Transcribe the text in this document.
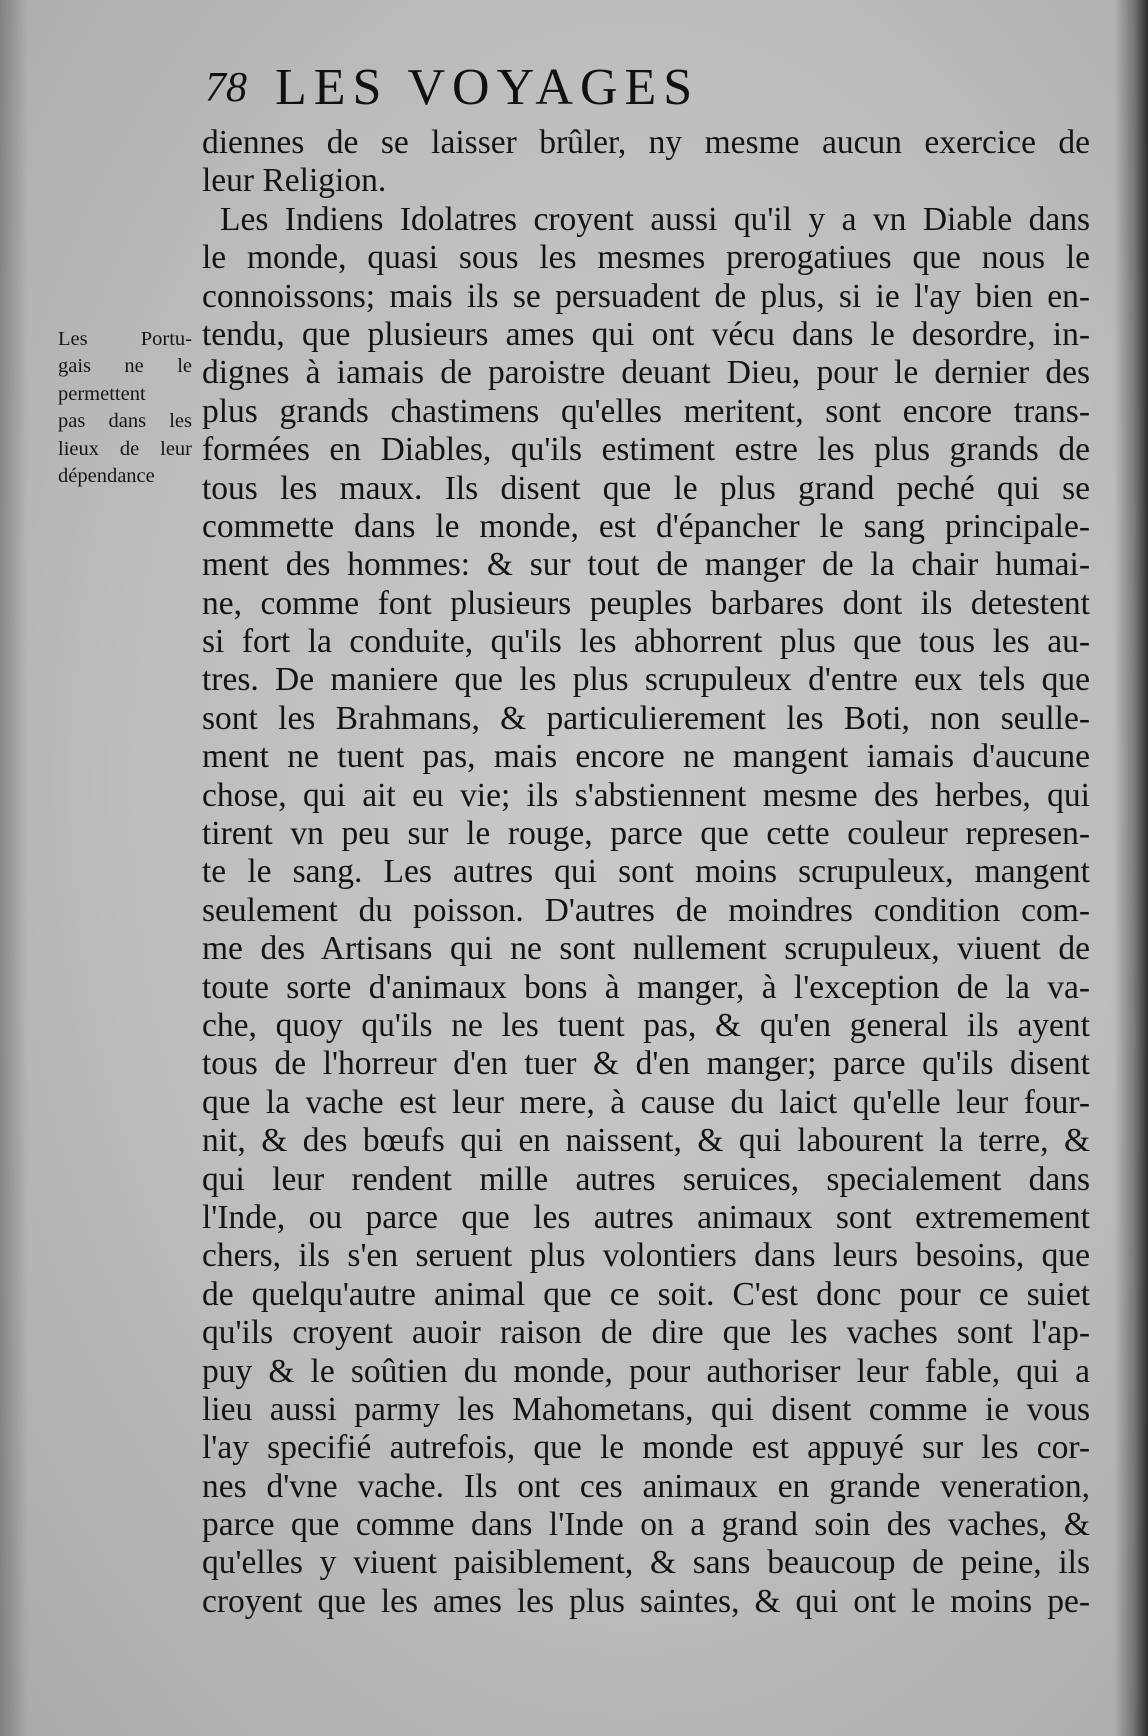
78 LES VOYAGES
Les Portu-
gais ne le
permettent
pas dans les
lieux de leur
dépendance
diennes de se laisser brûler, ny mesme aucun exercice de
leur Religion.
Les Indiens Idolatres croyent aussi qu'il y a vn Diable dans
le monde, quasi sous les mesmes prerogatiues que nous le
connoissons; mais ils se persuadent de plus, si ie l'ay bien en-
tendu, que plusieurs ames qui ont vécu dans le desordre, in-
dignes à iamais de paroistre deuant Dieu, pour le dernier des
plus grands chastimens qu'elles meritent, sont encore trans-
formées en Diables, qu'ils estiment estre les plus grands de
tous les maux. Ils disent que le plus grand peché qui se
commette dans le monde, est d'épancher le sang principale-
ment des hommes: & sur tout de manger de la chair humai-
ne, comme font plusieurs peuples barbares dont ils detestent
si fort la conduite, qu'ils les abhorrent plus que tous les au-
tres. De maniere que les plus scrupuleux d'entre eux tels que
sont les Brahmans, & particulierement les Boti, non seulle-
ment ne tuent pas, mais encore ne mangent iamais d'aucune
chose, qui ait eu vie; ils s'abstiennent mesme des herbes, qui
tirent vn peu sur le rouge, parce que cette couleur represen-
te le sang. Les autres qui sont moins scrupuleux, mangent
seulement du poisson. D'autres de moindres condition com-
me des Artisans qui ne sont nullement scrupuleux, viuent de
toute sorte d'animaux bons à manger, à l'exception de la va-
che, quoy qu'ils ne les tuent pas, & qu'en general ils ayent
tous de l'horreur d'en tuer & d'en manger; parce qu'ils disent
que la vache est leur mere, à cause du laict qu'elle leur four-
nit, & des bœufs qui en naissent, & qui labourent la terre, &
qui leur rendent mille autres seruices, specialement dans
l'Inde, ou parce que les autres animaux sont extremement
chers, ils s'en seruent plus volontiers dans leurs besoins, que
de quelqu'autre animal que ce soit. C'est donc pour ce suiet
qu'ils croyent auoir raison de dire que les vaches sont l'ap-
puy & le soûtien du monde, pour authoriser leur fable, qui a
lieu aussi parmy les Mahometans, qui disent comme ie vous
l'ay specifié autrefois, que le monde est appuyé sur les cor-
nes d'vne vache. Ils ont ces animaux en grande veneration,
parce que comme dans l'Inde on a grand soin des vaches, &
qu'elles y viuent paisiblement, & sans beaucoup de peine, ils
croyent que les ames les plus saintes, & qui ont le moins pe-
